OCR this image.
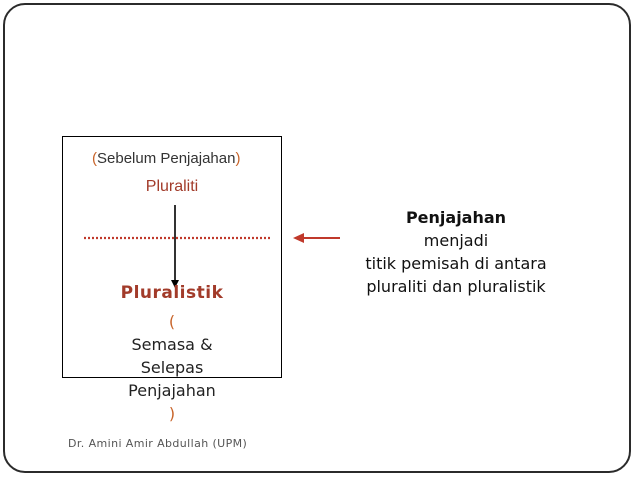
(Sebelum Penjajahan)
Pluraliti
Pluralistik
(
Semasa &
Selepas
Penjajahan
)
Penjajahan
menjadi
titik pemisah di antara
pluraliti dan pluralistik
Dr. Amini Amir Abdullah (UPM)
